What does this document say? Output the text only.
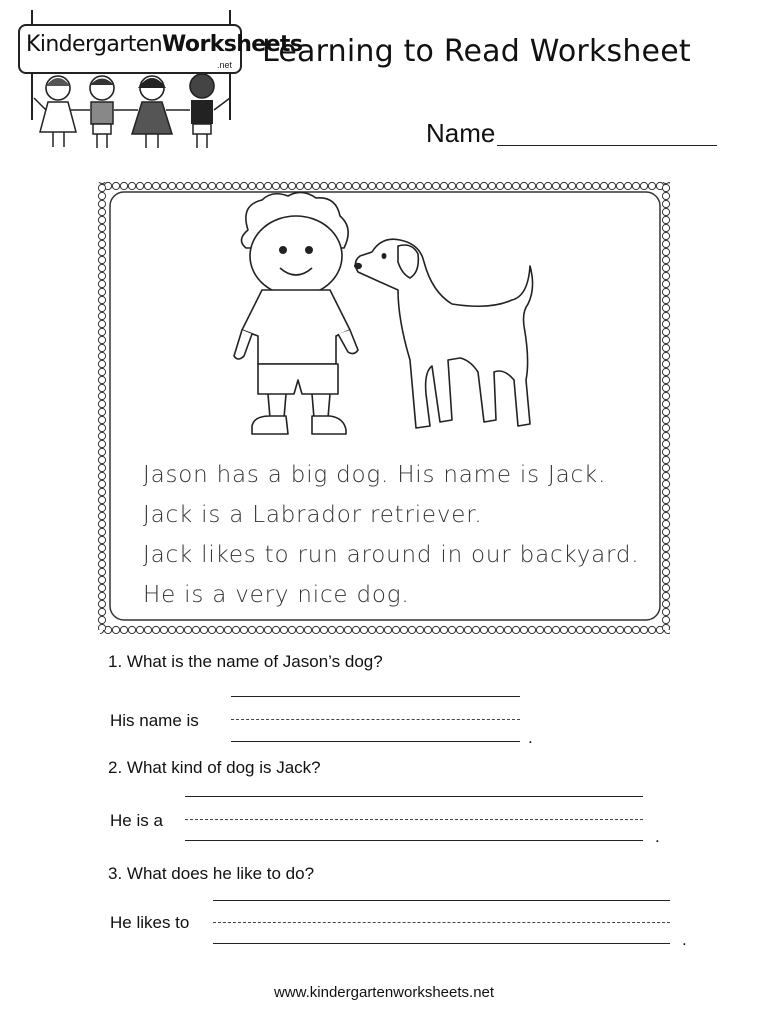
KindergartenWorksheets
.net Learning to Read Worksheet
Name
Jason has a big dog. His name is Jack.
Jack is a Labrador retriever.
Jack likes to run around in our backyard.
He is a very nice dog.
1. What is the name of Jason’s dog?
His name is
.
2. What kind of dog is Jack?
He is a
.
3. What does he like to do?
He likes to
.
www.kindergartenworksheets.net
